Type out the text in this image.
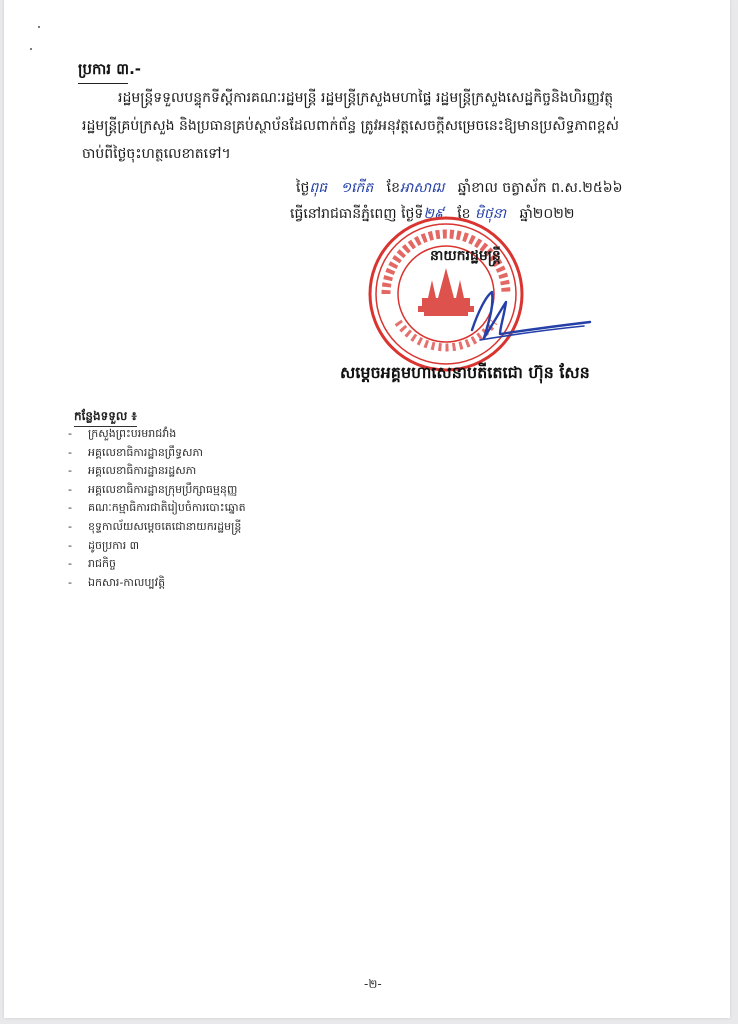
ប្រការ ៣.-
រដ្ឋមន្ត្រីទទួលបន្ទុកទីស្តីការគណៈរដ្ឋមន្ត្រី រដ្ឋមន្ត្រីក្រសួងមហាផ្ទៃ រដ្ឋមន្ត្រីក្រសួងសេដ្ឋកិច្ចនិងហិរញ្ញវត្ថុ
រដ្ឋមន្ត្រីគ្រប់ក្រសួង និងប្រធានគ្រប់ស្ថាប័នដែលពាក់ព័ន្ធ ត្រូវអនុវត្តសេចក្តីសម្រេចនេះឱ្យមានប្រសិទ្ធភាពខ្ពស់
ចាប់ពីថ្ងៃចុះហត្ថលេខាតទៅ។
ថ្ងៃពុធ ១កើត ខែអាសាឍ ឆ្នាំខាល ចត្វាស័ក ព.ស.២៥៦៦
ធ្វើនៅរាជធានីភ្នំពេញ ថ្ងៃទី២៩ ខែ មិថុនា ឆ្នាំ២០២២
នាយករដ្ឋមន្ត្រី
សម្តេចអគ្គមហាសេនាបតីតេជោ ហ៊ុន សែន
កន្លែងទទួល ៖
- ក្រសួងព្រះបរមរាជវាំង
- អគ្គលេខាធិការដ្ឋានព្រឹទ្ធសភា
- អគ្គលេខាធិការដ្ឋានរដ្ឋសភា
- អគ្គលេខាធិការដ្ឋានក្រុមប្រឹក្សាធម្មនុញ្ញ
- គណៈកម្មាធិការជាតិរៀបចំការបោះឆ្នោត
- ខុទ្ទកាល័យសម្តេចតេជោនាយករដ្ឋមន្ត្រី
- ដូចប្រការ ៣
- រាជកិច្ច
- ឯកសារ-កាលប្បវត្តិ
-២-
